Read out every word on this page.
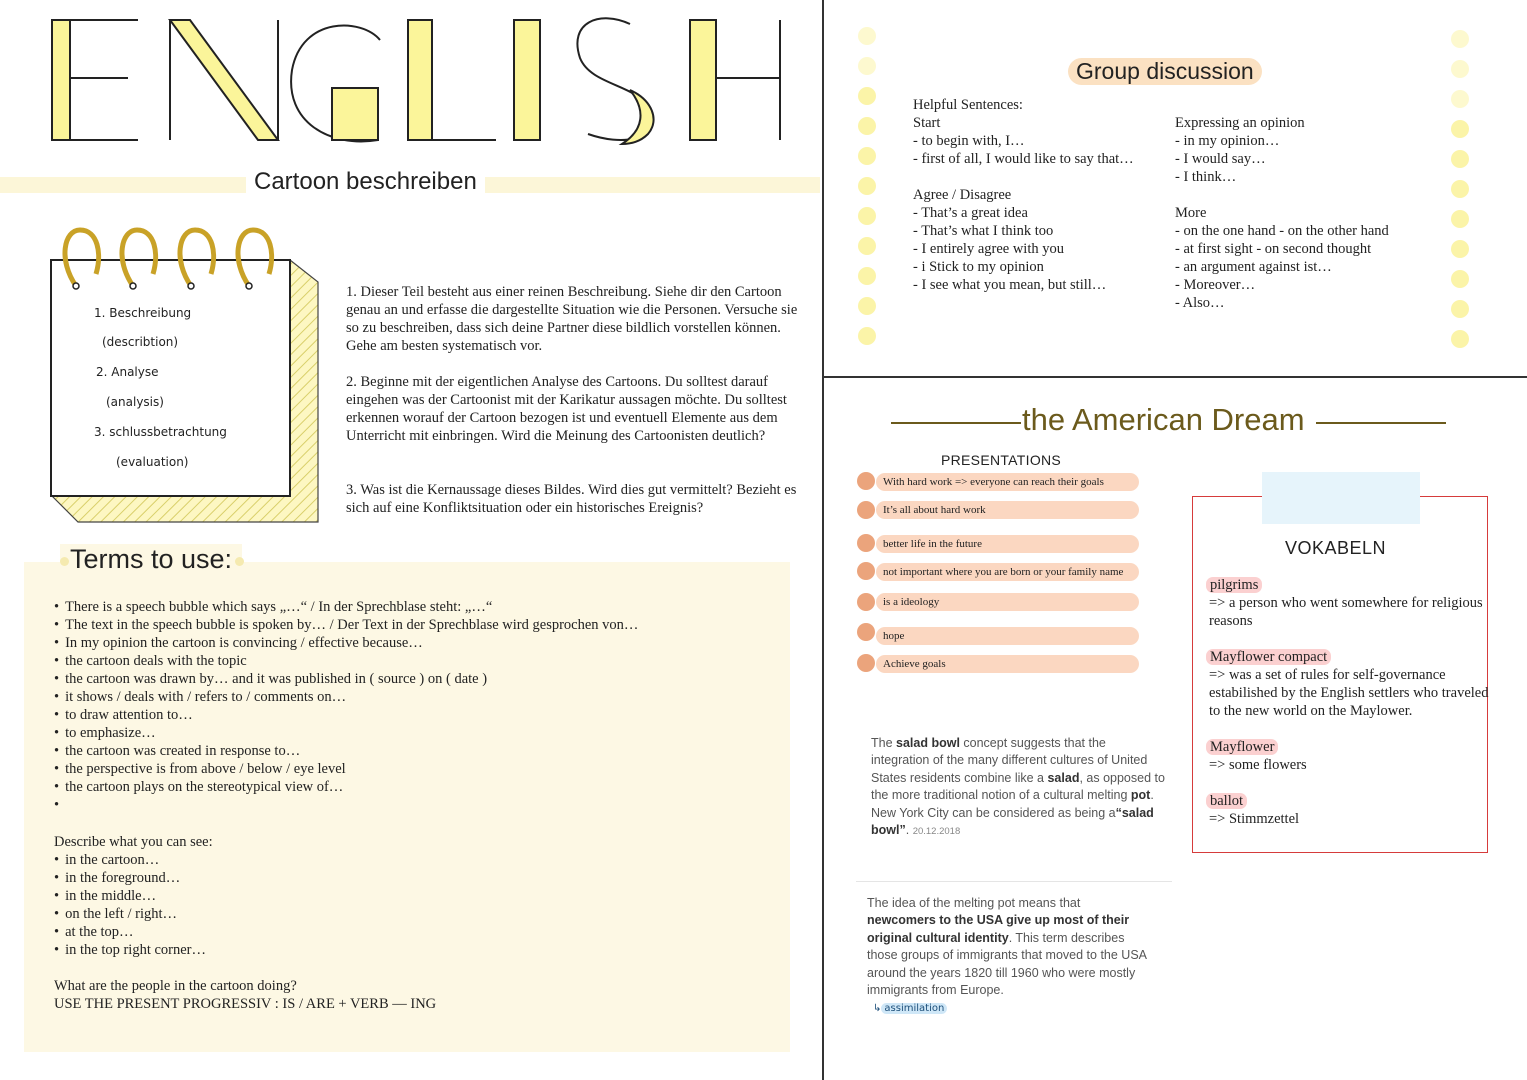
Cartoon beschreiben
1. Beschreibung
(describtion)
2. Analyse
(analysis)
3. schlussbetrachtung
(evaluation)
1. Dieser Teil besteht aus einer reinen Beschreibung. Siehe dir den Cartoon genau an und erfasse die dargestellte Situation wie die Personen. Versuche sie so zu beschreiben, dass sich deine Partner diese bildlich vorstellen können. Gehe am besten systematisch vor.
2. Beginne mit der eigentlichen Analyse des Cartoons. Du solltest darauf eingehen was der Cartoonist mit der Karikatur aussagen möchte. Du solltest erkennen worauf der Cartoon bezogen ist und eventuell Elemente aus dem Unterricht mit einbringen. Wird die Meinung des Cartoonisten deutlich?
3. Was ist die Kernaussage dieses Bildes. Wird dies gut vermittelt? Bezieht es sich auf eine Konfliktsituation oder ein historisches Ereignis?
Terms to use:
• There is a speech bubble which says „…“ / In der Sprechblase steht: „…“
• The text in the speech bubble is spoken by… / Der Text in der Sprechblase wird gesprochen von…
• In my opinion the cartoon is convincing / effective because…
• the cartoon deals with the topic
• the cartoon was drawn by… and it was published in ( source ) on ( date )
• it shows / deals with / refers to / comments on…
• to draw attention to…
• to emphasize…
• the cartoon was created in response to…
• the perspective is from above / below / eye level
• the cartoon plays on the stereotypical view of…
•
Describe what you can see:
• in the cartoon…
• in the foreground…
• in the middle…
• on the left / right…
• at the top…
• in the top right corner…
What are the people in the cartoon doing?
USE THE PRESENT PROGRESSIV : IS / ARE + VERB — ING
Group discussion
Helpful Sentences:
Start
- to begin with, I…
- first of all, I would like to say that…
Agree / Disagree
- That’s a great idea
- That’s what I think too
- I entirely agree with you
- i Stick to my opinion
- I see what you mean, but still…
Expressing an opinion
- in my opinion…
- I would say…
- I think…
More
- on the one hand - on the other hand
- at first sight - on second thought
- an argument against ist…
- Moreover…
- Also…
the American Dream
PRESENTATIONS
With hard work => everyone can reach their goals
It’s all about hard work
better life in the future
not important where you are born or your family name
is a ideology
hope
Achieve goals
The salad bowl concept suggests that the integration of the many different cultures of United States residents combine like a salad, as opposed to the more traditional notion of a cultural melting pot. New York City can be considered as being a“salad bowl”. 20.12.2018
The idea of the melting pot means that newcomers to the USA give up most of their original cultural identity. This term describes those groups of immigrants that moved to the USA around the years 1820 till 1960 who were mostly immigrants from Europe.
↳ assimilation
VOKABELN
pilgrims
=> a person who went somewhere for religious reasons
Mayflower compact
=> was a set of rules for self-governance estabilished by the English settlers who traveled to the new world on the Maylower.
Mayflower
=> some flowers
ballot
=> Stimmzettel
